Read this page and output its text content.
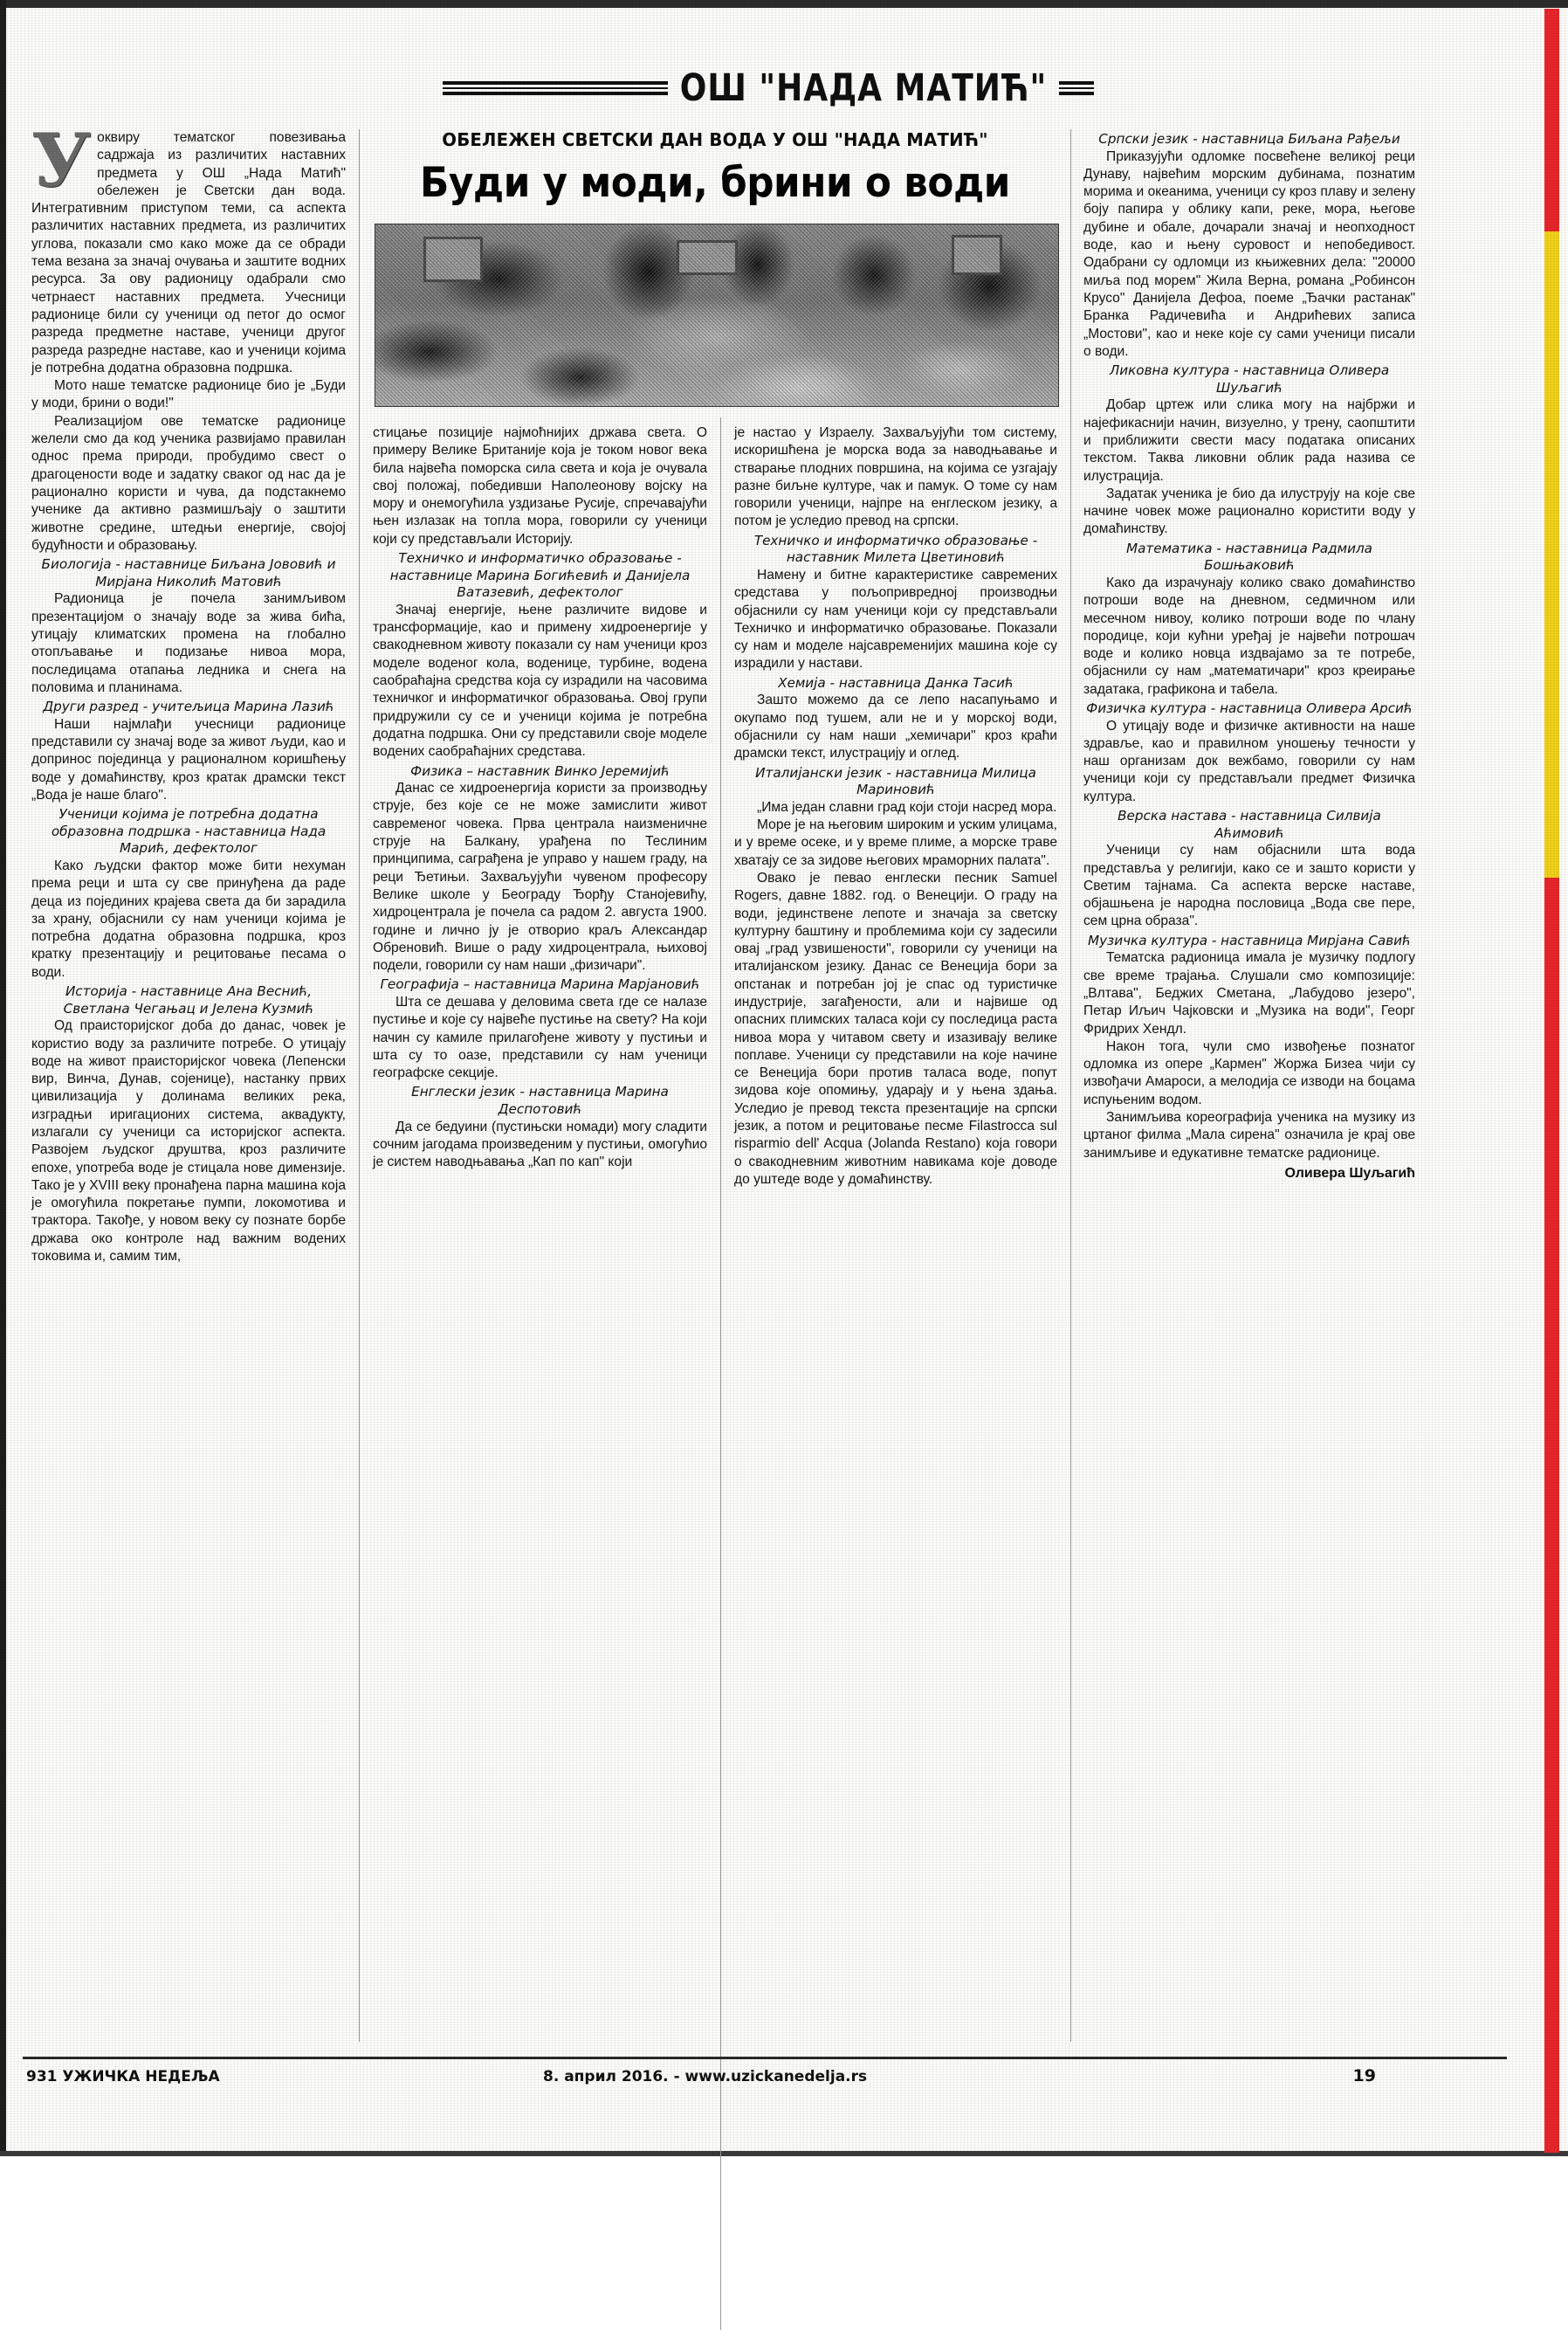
ОШ "НАДА МАТИЋ"
ОБЕЛЕЖЕН СВЕТСКИ ДАН ВОДА У ОШ "НАДА МАТИЋ"
Буди у моди, брини о води

Уоквиру тематског повезивања садржаја из различитих наставних предмета у ОШ „Нада Матић" обележен је Светски дан вода. Интегративним приступом теми, са аспекта различитих наставних предмета, из различитих углова, показали смо како може да се обради тема везана за значај очувања и заштите водних ресурса. За ову радионицу одабрали смо четрнаест наставних предмета. Учесници радионице били су ученици од петог до осмог разреда предметне наставе, ученици другог разреда разредне наставе, као и ученици којима је потребна додатна образовна подршка.

Мото наше тематске радионице био је „Буди у моди, брини о води!"

Реализацијом ове тематске радионице желели смо да код ученика развијамо правилан однос према природи, пробудимо свест о драгоцености воде и задатку сваког од нас да је рационално користи и чува, да подстакнемо ученике да активно размишљају о заштити животне средине, штедњи енергије, својој будућности и образовању.

Биологија - наставнице Биљана Јововић и Мирјана Николић Матовић

Радионица је почела занимљивом презентацијом о значају воде за жива бића, утицају климатских промена на глобално отопљавање и подизање нивоа мора, последицама отапања ледника и снега на половима и планинама.

Други разред - учитељица Марина Лазић

Наши најмлађи учесници радионице представили су значај воде за живот људи, као и допринос појединца у рационалном коришћењу воде у домаћинству, кроз кратак драмски текст „Вода је наше благо".

Ученици којима је потребна додатна образовна подршка - наставница Нада Марић, дефектолог

Како људски фактор може бити нехуман према реци и шта су све принуђена да раде деца из појединих крајева света да би зарадила за храну, објаснили су нам ученици којима је потребна додатна образовна подршка, кроз кратку презентацију и рецитовање песама о води.

Историја - наставнице Ана Веснић, Светлана Чегањац и Јелена Кузмић

Од праисторијског доба до данас, човек је користио воду за различите потребе. О утицају воде на живот праисторијског човека (Лепенски вир, Винча, Дунав, сојенице), настанку првих цивилизација у долинама великих река, изградњи иригационих система, аквадукту, излагали су ученици са историјског аспекта. Развојем људског друштва, кроз различите епохе, употреба воде је стицала нове димензије. Тако је у XVIII веку пронађена парна машина која је омогућила покретање пумпи, локомотива и трактора. Такође, у новом веку су познате борбе држава око контроле над важним водених токовима и, самим тим,

стицање позиције најмоћнијих држава света. О примеру Велике Британије која је током новог века била највећа поморска сила света и која је очувала свој положај, победивши Наполеонову војску на мору и онемогућила уздизање Русије, спречавајући њен излазак на топла мора, говорили су ученици који су представљали Историју.

Техничко и информатичко образовање - наставнице Марина Богићевић и Данијела Ватазевић, дефектолог

Значај енергије, њене различите видове и трансформације, као и примену хидроенергије у свакодневном животу показали су нам ученици кроз моделе воденог кола, воденице, турбине, водена саобраћајна средства која су израдили на часовима техничког и информатичког образовања. Овој групи придружили су се и ученици којима је потребна додатна подршка. Они су представили своје моделе водених саобраћајних средстава.

Физика – наставник Винко Јеремијић

Данас се хидроенергија користи за производњу струје, без које се не може замислити живот савременог човека. Прва централа наизменичне струје на Балкану, урађена по Теслиним принципима, саграђена је управо у нашем граду, на реци Ђетињи. Захваљујући чувеном професору Велике школе у Београду Ђорђу Станојевићу, хидроцентрала је почела са радом 2. августа 1900. године и лично ју је отворио краљ Александар Обреновић. Више о раду хидроцентрала, њиховој подели, говорили су нам наши „физичари".

Географија – наставница Марина Марјановић

Шта се дешава у деловима света где се налазе пустиње и које су највеће пустиње на свету? На који начин су камиле прилагођене животу у пустињи и шта су то оазе, представили су нам ученици географске секције.

Енглески језик - наставница Марина Деспотовић

Да се бедуини (пустињски номади) могу сладити сочним јагодама произведеним у пустињи, омогућио је систем наводњавања „Кап по кап" који

је настао у Израелу. Захваљујући том систему, искоришћена је морска вода за наводњавање и стварање плодних површина, на којима се узгајају разне биљне културе, чак и памук. О томе су нам говорили ученици, најпре на енглеском језику, а потом је уследио превод на српски.

Техничко и информатичко образовање - наставник Милета Цветиновић

Намену и битне карактеристике савремених средстава у пољопривредној производњи објаснили су нам ученици који су представљали Техничко и информатичко образовање. Показали су нам и моделе најсавременијих машина које су израдили у настави.

Хемија - наставница Данка Тасић

Зашто можемо да се лепо насапуњамо и окупамо под тушем, али не и у морској води, објаснили су нам наши „хемичари" кроз краћи драмски текст, илустрацију и оглед.

Италијански језик - наставница Милица Мариновић

„Има један славни град који стоји насред мора.

Море је на његовим широким и уским улицама, и у време осеке, и у време плиме, а морске траве хватају се за зидове његових мраморних палата".

Овако је певао енглески песник Samuel Rogers, давне 1882. год. о Венецији. О граду на води, јединствене лепоте и значаја за светску културну баштину и проблемима који су задесили овај „град узвишености", говорили су ученици на италијанском језику. Данас се Венеција бори за опстанак и потребан јој је спас од туристичке индустрије, загађености, али и највише од опасних плимских таласа који су последица раста нивоа мора у читавом свету и изазивају велике поплаве. Ученици су представили на које начине се Венеција бори против таласа воде, попут зидова које опомињу, ударају и у њена здања. Уследио је превод текста презентације на српски језик, а потом и рецитовање песме Filastrocca sul risparmio dell' Acqua (Jolanda Restano) која говори о свакодневним животним навикама које доводе до уштеде воде у домаћинству.

Српски језик - наставница Биљана Рађељи

Приказујући одломке посвећене великој реци Дунаву, највећим морским дубинама, познатим морима и океанима, ученици су кроз плаву и зелену боју папира у облику капи, реке, мора, његове дубине и обале, дочарали значај и неопходност воде, као и њену суровост и непобедивост. Одабрани су одломци из књижевних дела: "20000 миља под морем" Жила Верна, романа „Робинсон Крусо" Данијела Дефоа, поеме „Ђачки растанак" Бранка Радичевића и Андрићевих записа „Мостови", као и неке које су сами ученици писали о води.

Ликовна култура - наставница Оливера Шуљагић

Добар цртеж или слика могу на најбржи и најефикаснији начин, визуелно, у трену, саопштити и приближити свести масу података описаних текстом. Таква ликовни облик рада назива се илустрација.

Задатак ученика је био да илуструју на које све начине човек може рационално користити воду у домаћинству.

Математика - наставница Радмила Бошњаковић

Како да израчунају колико свако домаћинство потроши воде на дневном, седмичном или месечном нивоу, колико потроши воде по члану породице, који кућни уређај је највећи потрошач воде и колико новца издвајамо за те потребе, објаснили су нам „математичари" кроз креирање задатака, графикона и табела.

Физичка култура - наставница Оливера Арсић

О утицају воде и физичке активности на наше здравље, као и правилном уношењу течности у наш организам док вежбамо, говорили су нам ученици који су представљали предмет Физичка култура.

Верска настава - наставница Силвија Аћимовић

Ученици су нам објаснили шта вода представља у религији, како се и зашто користи у Светим тајнама. Са аспекта верске наставе, објашњена је народна пословица „Вода све пере, сем црна образа".

Музичка култура - наставница Мирјана Савић

Тематска радионица имала је музичку подлогу све време трајања. Слушали смо композиције: „Влтава", Беджих Сметана, „Лабудово језеро", Петар Иљич Чајковски и „Музика на води", Георг Фридрих Хендл.

Након тога, чули смо извођење познатог одломка из опере „Кармен" Жоржа Бизеа чији су извођачи Амароси, а мелодија се изводи на боцама испуњеним водом.

Занимљива кореографија ученика на музику из цртаног филма „Мала сирена" означила је крај ове занимљиве и едукативне тематске радионице.

Оливера Шуљагић

931 УЖИЧКА НЕДЕЉА	8. април 2016. - www.uzickanedelja.rs	19
